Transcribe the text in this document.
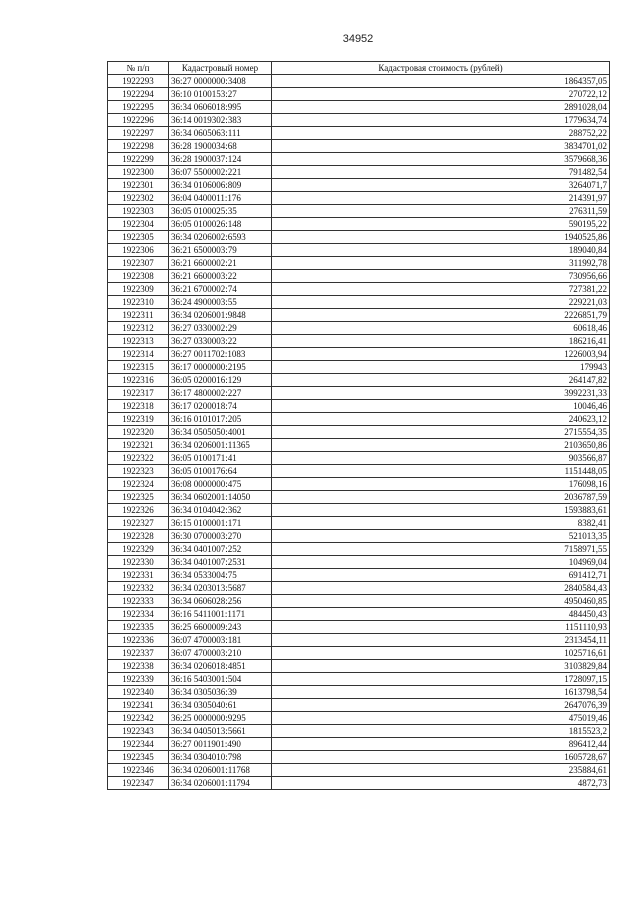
34952
№ п/п	Кадастровый номер	Кадастровая стоимость (рублей)
1922293	36:27 0000000:3408	1864357,05
1922294	36:10 0100153:27	270722,12
1922295	36:34 0606018:995	2891028,04
1922296	36:14 0019302:383	1779634,74
1922297	36:34 0605063:111	288752,22
1922298	36:28 1900034:68	3834701,02
1922299	36:28 1900037:124	3579668,36
1922300	36:07 5500002:221	791482,54
1922301	36:34 0106006:809	3264071,7
1922302	36:04 0400011:176	214391,97
1922303	36:05 0100025:35	276311,59
1922304	36:05 0100026:148	590195,22
1922305	36:34 0206002:6593	1940525,86
1922306	36:21 6500003:79	189040,84
1922307	36:21 6600002:21	311992,78
1922308	36:21 6600003:22	730956,66
1922309	36:21 6700002:74	727381,22
1922310	36:24 4900003:55	229221,03
1922311	36:34 0206001:9848	2226851,79
1922312	36:27 0330002:29	60618,46
1922313	36:27 0330003:22	186216,41
1922314	36:27 0011702:1083	1226003,94
1922315	36:17 0000000:2195	179943
1922316	36:05 0200016:129	264147,82
1922317	36:17 4800002:227	3992231,33
1922318	36:17 0200018:74	10046,46
1922319	36:16 0101017:205	240623,12
1922320	36:34 0505050:4001	2715554,35
1922321	36:34 0206001:11365	2103650,86
1922322	36:05 0100171:41	903566,87
1922323	36:05 0100176:64	1151448,05
1922324	36:08 0000000:475	176098,16
1922325	36:34 0602001:14050	2036787,59
1922326	36:34 0104042:362	1593883,61
1922327	36:15 0100001:171	8382,41
1922328	36:30 0700003:270	521013,35
1922329	36:34 0401007:252	7158971,55
1922330	36:34 0401007:2531	104969,04
1922331	36:34 0533004:75	691412,71
1922332	36:34 0203013:5687	2840584,43
1922333	36:34 0606028:256	4950460,85
1922334	36:16 5411001:1171	484450,43
1922335	36:25 6600009:243	1151110,93
1922336	36:07 4700003:181	2313454,11
1922337	36:07 4700003:210	1025716,61
1922338	36:34 0206018:4851	3103829,84
1922339	36:16 5403001:504	1728097,15
1922340	36:34 0305036:39	1613798,54
1922341	36:34 0305040:61	2647076,39
1922342	36:25 0000000:9295	475019,46
1922343	36:34 0405013:5661	1815523,2
1922344	36:27 0011901:490	896412,44
1922345	36:34 0304010:798	1605728,67
1922346	36:34 0206001:11768	235884,61
1922347	36:34 0206001:11794	4872,73
